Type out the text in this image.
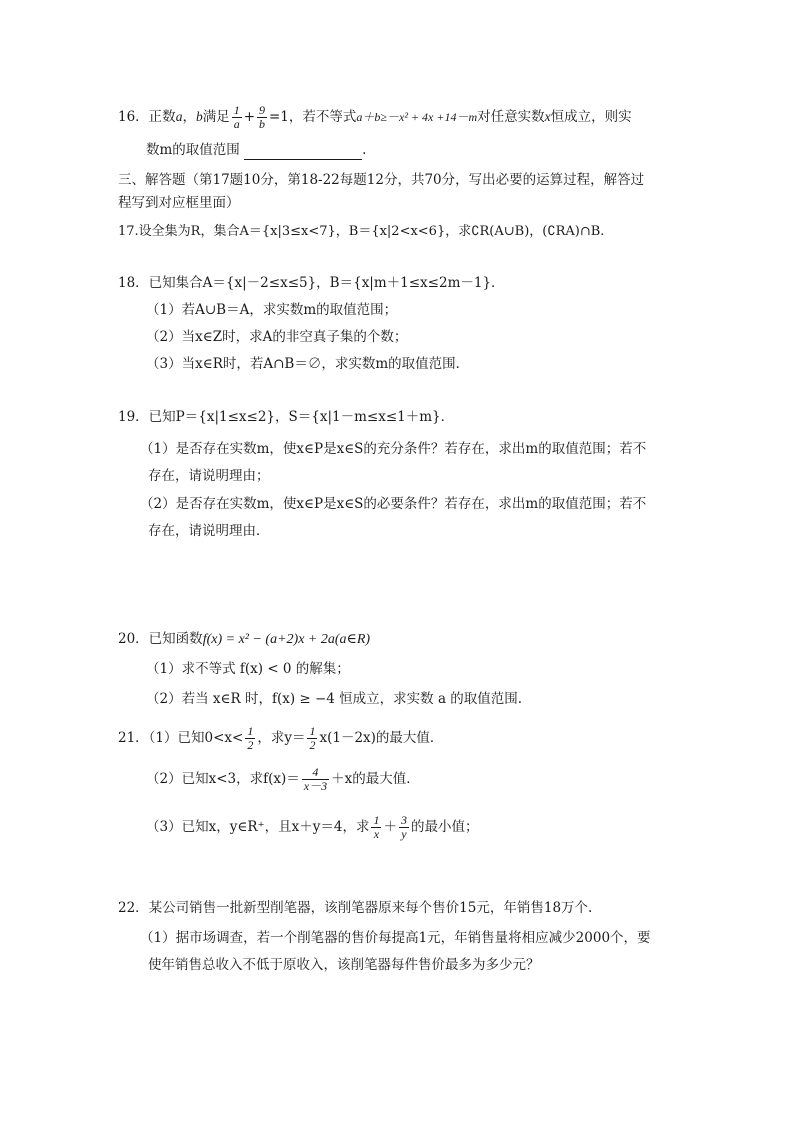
16．正数a，b满足 $\frac{1}{a} + \frac{9}{b} =1$，若不等式a＋b≥－x² + 4x +14－m对任意实数x恒成立，则实
数m的取值范围	.
三、解答题（第17题10分，第18-22每题12分，共70分，写出必要的运算过程，解答过
程写到对应框里面）
17.设全集为R，集合A＝{x|3≤x<7}，B＝{x|2<x<6}，求∁R(A∪B)，(∁RA)∩B.
18．已知集合A＝{x|－2≤x≤5}，B＝{x|m＋1≤x≤2m－1}．
（1）若A∪B＝A，求实数m的取值范围；
（2）当x∈Z时，求A的非空真子集的个数；
（3）当x∈R时，若A∩B＝∅，求实数m的取值范围．
19．已知P＝{x|1≤x≤2}，S＝{x|1－m≤x≤1＋m}．
（1）是否存在实数m，使x∈P是x∈S的充分条件？若存在，求出m的取值范围；若不
存在，请说明理由；
（2）是否存在实数m，使x∈P是x∈S的必要条件？若存在，求出m的取值范围；若不
存在，请说明理由．
20．已知函数f(x) = x² − (a+2)x + 2a(a∈R)
（1）求不等式 f(x) < 0 的解集；
（2）若当 x∈R 时，f(x) ≥ −4 恒成立，求实数 a 的取值范围.
21．（1）已知$0<x< \frac{1}{2}$ ，求$y= \frac{1}{2} x(1-2x)$的最大值．
（2）已知x<3，求$f(x)= \frac{4}{x-3} +x$的最大值．
（3）已知x，y∈R⁺，且x＋y＝4，求 $\frac{1}{x} + \frac{3}{y}$ 的最小值；
22．某公司销售一批新型削笔器，该削笔器原来每个售价15元，年销售18万个.
（1）据市场调查，若一个削笔器的售价每提高1元，年销售量将相应减少2000个，要
使年销售总收入不低于原收入，该削笔器每件售价最多为多少元？
